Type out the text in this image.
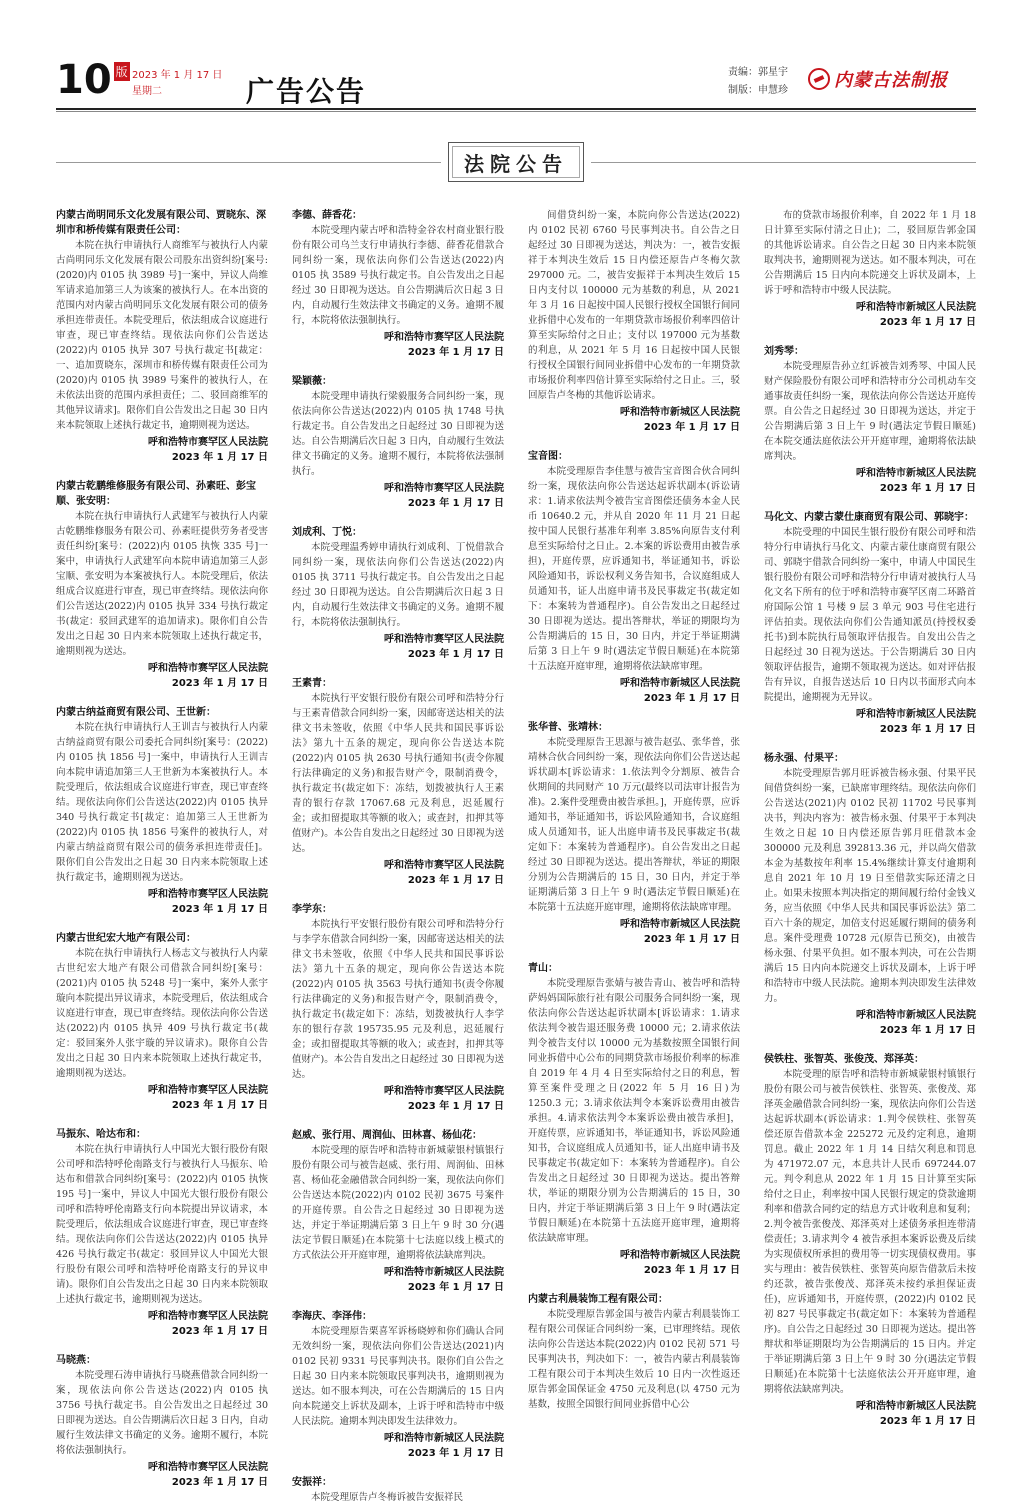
10 版 2023 年 1 月 17 日
星期二	广告公告
责编：郭星宇
制版：申慧珍	内蒙古法制报
法院公告
内蒙古尚明同乐文化发展有限公司、贾晓东、深圳市和桥传媒有限责任公司：
本院在执行申请执行人商维军与被执行人内蒙古尚明同乐文化发展有限公司股东出资纠纷[案号:(2020)内 0105 执 3989 号]一案中，异议人尚维军请求追加第三人为该案的被执行人。在本出资的范围内对内蒙古尚明同乐文化发展有限公司的债务承担连带责任。本院受理后，依法组成合议庭进行审查，现已审查终结。现依法向你们公告送达(2022)内 0105 执异 307 号执行裁定书[裁定：一、追加贾晓东，深圳市和桥传媒有限责任公司为(2020)内 0105 执 3989 号案件的被执行人，在未依法出资的范围内承担责任；二、驳回商维军的其他异议请求]。限你们自公告发出之日起 30 日内来本院领取上述执行裁定书，逾期则视为送达。
呼和浩特市赛罕区人民法院
2023 年 1 月 17 日
内蒙古乾鹏维修服务有限公司、孙素旺、彭宝顺、张安明：
本院在执行申请执行人武建军与被执行人内蒙古乾鹏维修服务有限公司、孙素旺提供劳务者受害责任纠纷[案号：(2022)内 0105 执恢 335 号]一案中，申请执行人武建军向本院申请追加第三人彭宝顺、张安明为本案被执行人。本院受理后，依法组成合议庭进行审查，现已审查终结。现依法向你们公告送达(2022)内 0105 执异 334 号执行裁定书(裁定：驳回武建军的追加请求)。限你们自公告发出之日起 30 日内来本院领取上述执行裁定书，逾期则视为送达。
呼和浩特市赛罕区人民法院
2023 年 1 月 17 日
内蒙古纳益商贸有限公司、王世新：
本院在执行申请执行人王训吉与被执行人内蒙古纳益商贸有限公司委托合同纠纷[案号：(2022)内 0105 执 1856 号]一案中，申请执行人王训吉向本院申请追加第三人王世新为本案被执行人。本院受理后，依法组成合议庭进行审查，现已审查终结。现依法向你们公告送达(2022)内 0105 执异 340 号执行裁定书[裁定：追加第三人王世新为(2022)内 0105 执 1856 号案件的被执行人，对内蒙古纳益商贸有限公司的债务承担连带责任]。限你们自公告发出之日起 30 日内来本院领取上述执行裁定书，逾期则视为送达。
呼和浩特市赛罕区人民法院
2023 年 1 月 17 日
内蒙古世纪宏大地产有限公司：
本院在执行申请执行人杨志文与被执行人内蒙古世纪宏大地产有限公司借款合同纠纷[案号：(2021)内 0105 执 5248 号]一案中，案外人张宇璇向本院提出异议请求，本院受理后，依法组成合议庭进行审查，现已审查终结。现依法向你公告送达(2022)内 0105 执异 409 号执行裁定书(裁定：驳回案外人张宇璇的异议请求)。限你自公告发出之日起 30 日内来本院领取上述执行裁定书，逾期则视为送达。
呼和浩特市赛罕区人民法院
2023 年 1 月 17 日
马振东、哈达布和：
本院在执行申请执行人中国光大银行股份有限公司呼和浩特呼伦南路支行与被执行人马振东、哈达布和借款合同纠纷[案号：(2022)内 0105 执恢 195 号]一案中，异议人中国光大银行股份有限公司呼和浩特呼伦南路支行向本院提出异议请求，本院受理后，依法组成合议庭进行审查，现已审查终结。现依法向你们公告送达(2022)内 0105 执异 426 号执行裁定书(裁定：驳回异议人中国光大银行股份有限公司呼和浩特呼伦南路支行的异议申请)。限你们自公告发出之日起 30 日内来本院领取上述执行裁定书，逾期则视为送达。
呼和浩特市赛罕区人民法院
2023 年 1 月 17 日
马晓燕：
本院受理石涛申请执行马晓燕借款合同纠纷一案，现依法向你公告送达(2022)内 0105 执 3756 号执行裁定书。自公告发出之日起经过 30 日即视为送达。自公告期满后次日起 3 日内，自动履行生效法律文书确定的义务。逾期不履行，本院将依法强制执行。
呼和浩特市赛罕区人民法院
2023 年 1 月 17 日
李德、薛香花：
本院受理内蒙古呼和浩特金谷农村商业银行股份有限公司乌兰支行申请执行李德、薛香花借款合同纠纷一案，现依法向你们公告送达(2022)内 0105 执 3589 号执行裁定书。自公告发出之日起经过 30 日即视为送达。自公告期满后次日起 3 日内，自动履行生效法律文书确定的义务。逾期不履行，本院将依法强制执行。
呼和浩特市赛罕区人民法院
2023 年 1 月 17 日
梁颖薇：
本院受理申请执行梁毅服务合同纠纷一案，现依法向你公告送达(2022)内 0105 执 1748 号执行裁定书。自公告发出之日起经过 30 日即视为送达。自公告期满后次日起 3 日内，自动履行生效法律文书确定的义务。逾期不履行，本院将依法强制执行。
呼和浩特市赛罕区人民法院
2023 年 1 月 17 日
刘成利、丁悦：
本院受理温秀婷申请执行刘成利、丁悦借款合同纠纷一案，现依法向你们公告送达(2022)内 0105 执 3711 号执行裁定书。自公告发出之日起经过 30 日即视为送达。自公告期满后次日起 3 日内，自动履行生效法律文书确定的义务。逾期不履行，本院将依法强制执行。
呼和浩特市赛罕区人民法院
2023 年 1 月 17 日
王素青：
本院执行平安银行股份有限公司呼和浩特分行与王素青借款合同纠纷一案，因邮寄送达相关的法律文书未签收，依照《中华人民共和国民事诉讼法》第九十五条的规定，现向你公告送达本院(2022)内 0105 执 2630 号执行通知书(责令你履行法律确定的义务)和报告财产令，限制消费令，执行裁定书(裁定如下：冻结，划拨被执行人王素青的银行存款 17067.68 元及利息，迟延履行金；或扣留提取其等额的收入；或查封，扣押其等值财产)。本公告自发出之日起经过 30 日即视为送达。
呼和浩特市赛罕区人民法院
2023 年 1 月 17 日
李学东：
本院执行平安银行股份有限公司呼和浩特分行与李学东借款合同纠纷一案，因邮寄送达相关的法律文书未签收，依照《中华人民共和国民事诉讼法》第九十五条的规定，现向你公告送达本院(2022)内 0105 执 3563 号执行通知书(责令你履行法律确定的义务)和报告财产令，限制消费令，执行裁定书(裁定如下：冻结，划拨被执行人李学东的银行存款 195735.95 元及利息，迟延履行金；或扣留提取其等额的收入；或查封，扣押其等值财产)。本公告自发出之日起经过 30 日即视为送达。
呼和浩特市赛罕区人民法院
2023 年 1 月 17 日
赵威、张行用、周润仙、田林喜、杨仙花：
本院受理的原告呼和浩特市新城蒙银村镇银行股份有限公司与被告赵威、张行用、周润仙、田林喜、杨仙花金融借款合同纠纷一案，现依法向你们公告送达本院(2022)内 0102 民初 3675 号案件的开庭传票。自公告之日起经过 30 日即视为送达，并定于举证期满后第 3 日上午 9 时 30 分(遇法定节假日顺延)在本院第十七法庭以线上模式的方式依法公开开庭审理，逾期将依法缺席判决。
呼和浩特市新城区人民法院
2023 年 1 月 17 日
李海庆、李泽伟：
本院受理原告栗喜军诉杨晓婷和你们确认合同无效纠纷一案，现依法向你们公告送达(2021)内 0102 民初 9331 号民事判决书。限你们自公告之日起 30 日内来本院领取民事判决书，逾期则视为送达。如不服本判决，可在公告期满后的 15 日内向本院递交上诉状及副本，上诉于呼和浩特市中级人民法院。逾期本判决即发生法律效力。
呼和浩特市新城区人民法院
2023 年 1 月 17 日
安振祥：
本院受理原告卢冬梅诉被告安振祥民
间借贷纠纷一案，本院向你公告送达(2022)内 0102 民初 6760 号民事判决书。自公告之日起经过 30 日即视为送达，判决为：一，被告安振祥于本判决生效后 15 日内偿还原告卢冬梅欠款 297000 元。二，被告安振祥于本判决生效后 15 日内支付以 100000 元为基数的利息，从 2021 年 3 月 16 日起按中国人民银行授权全国银行间同业拆借中心发布的一年期贷款市场报价利率四倍计算至实际给付之日止；支付以 197000 元为基数的利息，从 2021 年 5 月 16 日起按中国人民银行授权全国银行间同业拆借中心发布的一年期贷款市场报价利率四倍计算至实际给付之日止。三，驳回原告卢冬梅的其他诉讼请求。
呼和浩特市新城区人民法院
2023 年 1 月 17 日
宝音图：
本院受理原告李佳慧与被告宝音图合伙合同纠纷一案，现依法向你公告送达起诉状副本(诉讼请求：1.请求依法判令被告宝音图偿还债务本金人民币 10640.2 元，并从自 2020 年 11 月 21 日起按中国人民银行基准年利率 3.85%向原告支付利息至实际给付之日止。2.本案的诉讼费用由被告承担)，开庭传票，应诉通知书，举证通知书，诉讼风险通知书，诉讼权利义务告知书，合议庭组成人员通知书，证人出庭申请书及民事裁定书(裁定如下：本案转为普通程序)。自公告发出之日起经过 30 日即视为送达。提出答辩状，举证的期限均为公告期满后的 15 日，30 日内，并定于举证期满后第 3 日上午 9 时(遇法定节假日顺延)在本院第十五法庭开庭审理，逾期将依法缺席审理。
呼和浩特市新城区人民法院
2023 年 1 月 17 日
张华普、张靖林：
本院受理原告王思源与被告赵弘、张华普，张靖林合伙合同纠纷一案，现依法向你们公告送达起诉状副本[诉讼请求：1.依法判令分割原、被告合伙期间的共同财产 10 万元(最终以司法审计报告为准)。2.案件受理费由被告承担。]，开庭传票，应诉通知书，举证通知书，诉讼风险通知书，合议庭组成人员通知书，证人出庭申请书及民事裁定书(裁定如下：本案转为普通程序)。自公告发出之日起经过 30 日即视为送达。提出答辩状，举证的期限分别为公告期满后的 15 日，30 日内，并定于举证期满后第 3 日上午 9 时(遇法定节假日顺延)在本院第十五法庭开庭审理，逾期将依法缺席审理。
呼和浩特市新城区人民法院
2023 年 1 月 17 日
青山：
本院受理原告张婧与被告青山、被告呼和浩特萨妈妈国际旅行社有限公司服务合同纠纷一案，现依法向你公告送达起诉状副本[诉讼请求：1.请求依法判令被告退还服务费 10000 元；2.请求依法判令被告支付以 10000 元为基数按照全国银行间同业拆借中心公布的同期贷款市场报价利率的标准自 2019 年 4 月 4 日至实际给付之日的利息，暂算至案件受理之日(2022 年 5 月 16 日)为 1250.3 元；3.请求依法判令本案诉讼费用由被告承担。4.请求依法判令本案诉讼费由被告承担]，开庭传票，应诉通知书，举证通知书，诉讼风险通知书，合议庭组成人员通知书，证人出庭申请书及民事裁定书(裁定如下：本案转为普通程序)。自公告发出之日起经过 30 日即视为送达。提出答辩状，举证的期限分别为公告期满后的 15 日，30 日内，并定于举证期满后第 3 日上午 9 时(遇法定节假日顺延)在本院第十五法庭开庭审理，逾期将依法缺席审理。
呼和浩特市新城区人民法院
2023 年 1 月 17 日
内蒙古利晨装饰工程有限公司：
本院受理原告郭金国与被告内蒙古利晨装饰工程有限公司保证合同纠纷一案，已审理终结。现依法向你公告送达本院(2022)内 0102 民初 571 号民事判决书，判决如下：一，被告内蒙古利晨装饰工程有限公司于本判决生效后 10 日内一次性返还原告郭金国保证金 4750 元及利息(以 4750 元为基数，按照全国银行间同业拆借中心公
布的贷款市场报价利率，自 2022 年 1 月 18 日计算至实际付清之日止)；二，驳回原告郭金国的其他诉讼请求。自公告之日起 30 日内来本院领取判决书，逾期则视为送达。如不服本判决，可在公告期满后 15 日内向本院递交上诉状及副本，上诉于呼和浩特市中级人民法院。
呼和浩特市新城区人民法院
2023 年 1 月 17 日
刘秀琴：
本院受理原告孙立红诉被告刘秀琴、中国人民财产保险股份有限公司呼和浩特市分公司机动车交通事故责任纠纷一案，现依法向你公告送达开庭传票。自公告之日起经过 30 日即视为送达，并定于公告期满后第 3 日上午 9 时(遇法定节假日顺延)在本院交通法庭依法公开开庭审理，逾期将依法缺席判决。
呼和浩特市新城区人民法院
2023 年 1 月 17 日
马化文、内蒙古蒙仕康商贸有限公司、郭晓宇：
本院受理的中国民生银行股份有限公司呼和浩特分行申请执行马化文、内蒙古蒙仕康商贸有限公司、郭晓宇借款合同纠纷一案中，申请人中国民生银行股份有限公司呼和浩特分行申请对被执行人马化文名下所有的位于呼和浩特市赛罕区南二环路首府国际公馆 1 号楼 9 层 3 单元 903 号住宅进行评估拍卖。现依法向你们公告通知派员(持授权委托书)到本院执行局领取评估报告。自发出公告之日起经过 30 日视为送达。于公告期满后 30 日内领取评估报告，逾期不领取视为送达。如对评估报告有异议，自报告送达后 10 日内以书面形式向本院提出，逾期视为无异议。
呼和浩特市新城区人民法院
2023 年 1 月 17 日
杨永强、付果平：
本院受理原告郭月旺诉被告杨永强、付果平民间借贷纠纷一案，已缺席审理终结。现依法向你们公告送达(2021)内 0102 民初 11702 号民事判决书，判决内容为：被告杨永强、付果平于本判决生效之日起 10 日内偿还原告郭月旺借款本金 300000 元及利息 392813.36 元，并以尚欠借款本金为基数按年利率 15.4%继续计算支付逾期利息自 2021 年 10 月 19 日至借款实际还清之日止。如果未按照本判决指定的期间履行给付金钱义务，应当依照《中华人民共和国民事诉讼法》第二百六十条的规定，加倍支付迟延履行期间的债务利息。案件受理费 10728 元(原告已预交)，由被告杨永强、付果平负担。如不服本判决，可在公告期满后 15 日内向本院递交上诉状及副本，上诉于呼和浩特市中级人民法院。逾期本判决即发生法律效力。
呼和浩特市新城区人民法院
2023 年 1 月 17 日
侯铁柱、张智英、张俊茂、郑泽英：
本院受理的原告呼和浩特市新城蒙银村镇银行股份有限公司与被告侯铁柱、张智英、张俊茂、郑泽英金融借款合同纠纷一案，现依法向你们公告送达起诉状副本(诉讼请求：1.判令侯铁柱、张智英偿还原告借款本金 225272 元及约定利息，逾期罚息。截止 2022 年 1 月 14 日结欠利息和罚息为 471972.07 元，本息共计人民币 697244.07 元。判令利息从 2022 年 1 月 15 日计算至实际给付之日止，利率按中国人民银行规定的贷款逾期利率和借款合同约定的结息方式计收利息和复利；2.判令被告张俊茂、郑泽英对上述债务承担连带清偿责任；3.请求判令 4 被告承担本案诉讼费及后续为实现债权所承担的费用等一切实现债权费用。事实与理由：被告侯铁柱、张智英向原告借款后未按约还款，被告张俊茂、郑泽英未按约承担保证责任)，应诉通知书，开庭传票，(2022)内 0102 民初 827 号民事裁定书(裁定如下：本案转为普通程序)。自公告之日起经过 30 日即视为送达。提出答辩状和举证期限均为公告期满后的 15 日内。并定于举证期满后第 3 日上午 9 时 30 分(遇法定节假日顺延)在本院第十七法庭依法公开开庭审理，逾期将依法缺席判决。
呼和浩特市新城区人民法院
2023 年 1 月 17 日
